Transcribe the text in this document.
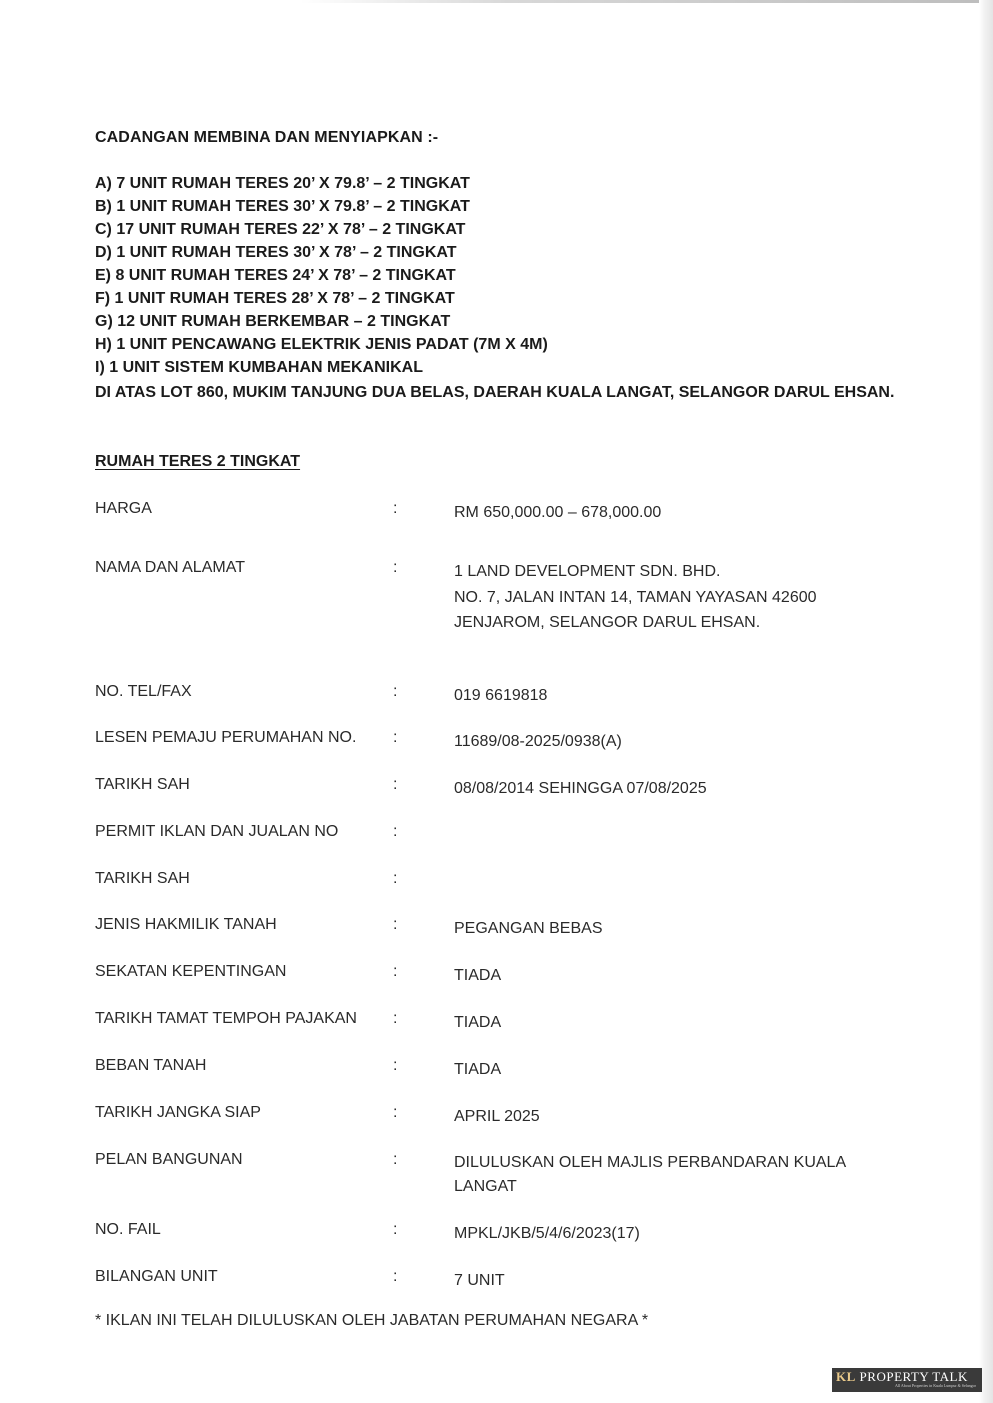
CADANGAN MEMBINA DAN MENYIAPKAN :-
A) 7 UNIT RUMAH TERES 20’ X 79.8’ – 2 TINGKAT
B) 1 UNIT RUMAH TERES 30’ X 79.8’ – 2 TINGKAT
C) 17 UNIT RUMAH TERES 22’ X 78’ – 2 TINGKAT
D) 1 UNIT RUMAH TERES 30’ X 78’ – 2 TINGKAT
E) 8 UNIT RUMAH TERES 24’ X 78’ – 2 TINGKAT
F) 1 UNIT RUMAH TERES 28’ X 78’ – 2 TINGKAT
G) 12 UNIT RUMAH BERKEMBAR – 2 TINGKAT
H) 1 UNIT PENCAWANG ELEKTRIK JENIS PADAT (7M X 4M)
I) 1 UNIT SISTEM KUMBAHAN MEKANIKAL
DI ATAS LOT 860, MUKIM TANJUNG DUA BELAS, DAERAH KUALA LANGAT, SELANGOR DARUL EHSAN.
RUMAH TERES 2 TINGKAT
HARGA	:	RM 650,000.00 – 678,000.00
NAMA DAN ALAMAT	:	1 LAND DEVELOPMENT SDN. BHD.
NO. 7, JALAN INTAN 14, TAMAN YAYASAN 42600
JENJAROM, SELANGOR DARUL EHSAN.
NO. TEL/FAX	:	019 6619818
LESEN PEMAJU PERUMAHAN NO. :	11689/08-2025/0938(A)
TARIKH SAH	:	08/08/2014 SEHINGGA 07/08/2025
PERMIT IKLAN DAN JUALAN NO	:
TARIKH SAH	:
JENIS HAKMILIK TANAH	:	PEGANGAN BEBAS
SEKATAN KEPENTINGAN	:	TIADA
TARIKH TAMAT TEMPOH PAJAKAN :	TIADA
BEBAN TANAH	:	TIADA
TARIKH JANGKA SIAP	:	APRIL 2025
PELAN BANGUNAN	:	DILULUSKAN OLEH MAJLIS PERBANDARAN KUALA
LANGAT
NO. FAIL	:	MPKL/JKB/5/4/6/2023(17)
BILANGAN UNIT	:	7 UNIT
* IKLAN INI TELAH DILULUSKAN OLEH JABATAN PERUMAHAN NEGARA *
KL PROPERTY TALK
All About Properties in Kuala Lumpur & Selangor
